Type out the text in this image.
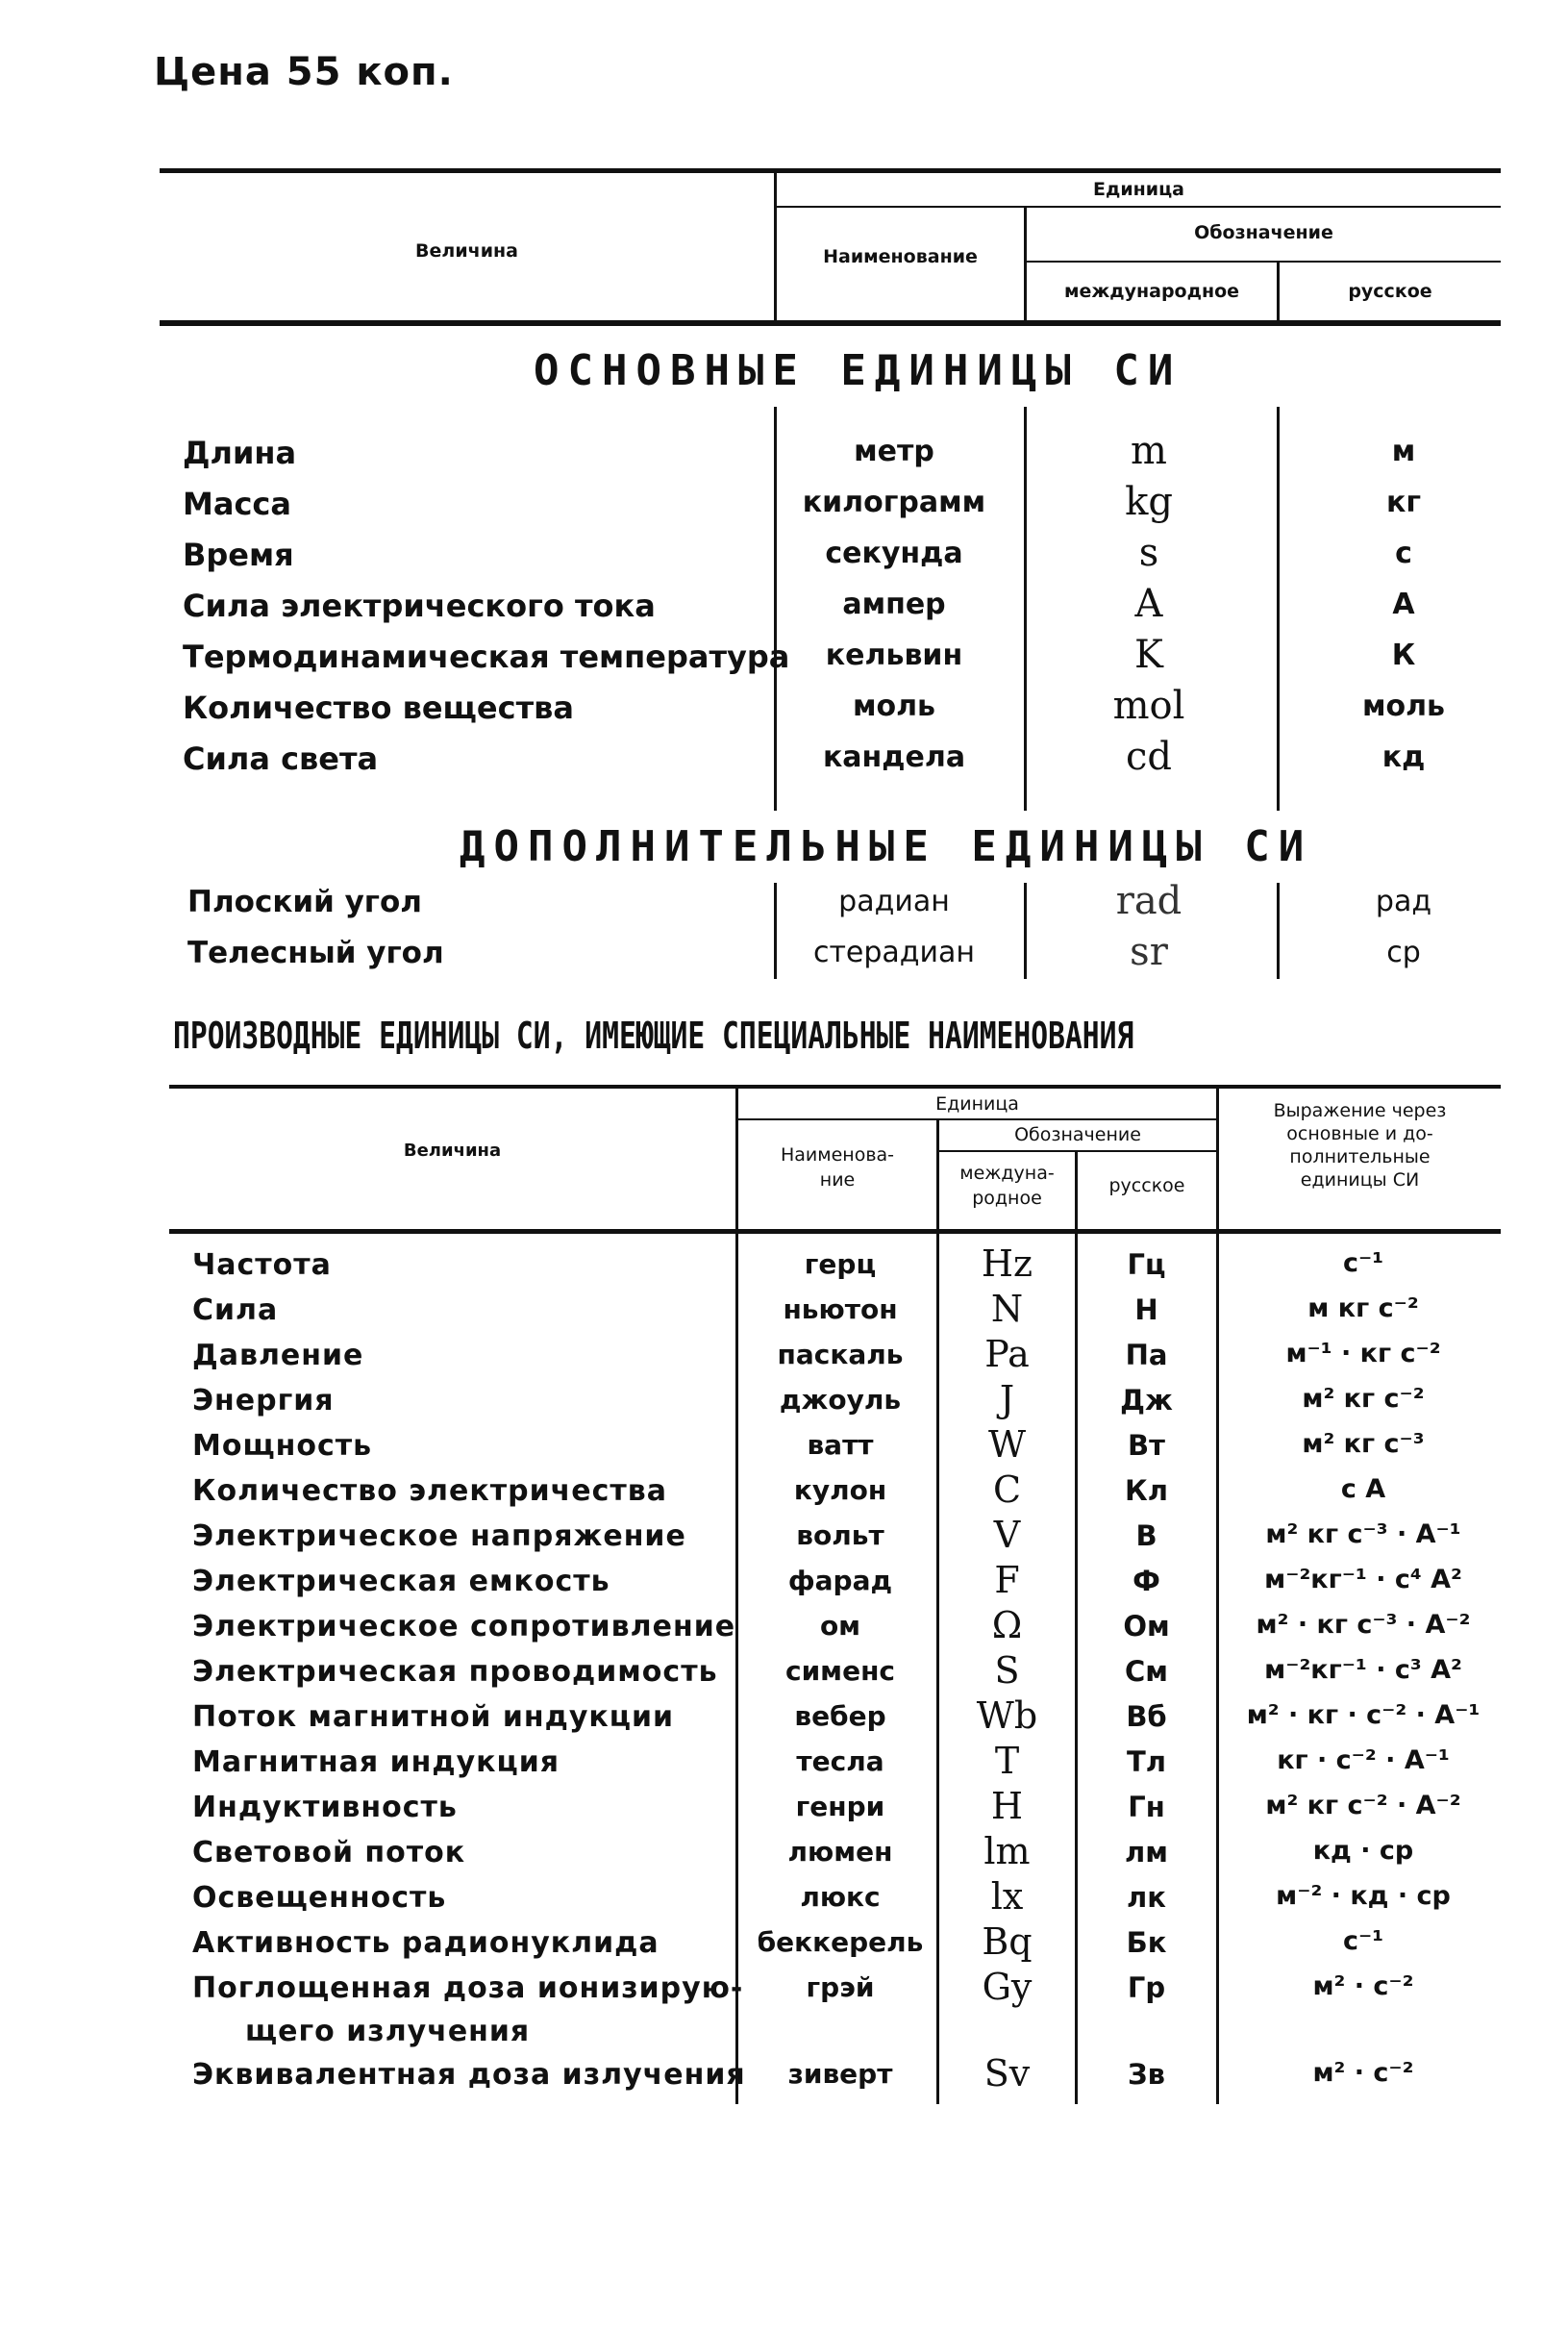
Цена 55 коп.
Величина
Единица
Наименование
Обозначение
международное	русское
ОСНОВНЫЕ ЕДИНИЦЫ СИ
Длина	метр	m	м
Масса	килограмм	kg	кг
Время	секунда	s	с
Сила электрического тока	ампер	A	А
Термодинамическая температура	кельвин	K	К
Количество вещества	моль	mol	моль
Сила света	кандела	cd	кд
ДОПОЛНИТЕЛЬНЫЕ ЕДИНИЦЫ СИ
Плоский угол	радиан	rad	рад
Телесный угол	стерадиан	sr	ср
ПРОИЗВОДНЫЕ ЕДИНИЦЫ СИ, ИМЕЮЩИЕ СПЕЦИАЛЬНЫЕ НАИМЕНОВАНИЯ
Величина
Единица
Наименова-
ние
Обозначение
междуна-
родное
русское
Выражение через
основные и до-
полнительные
единицы СИ
Частота	герц	Hz	Гц	с⁻¹
Сила	ньютон	N	Н	м кг с⁻²
Давление	паскаль	Pa	Па	м⁻¹ · кг с⁻²
Энергия	джоуль	J	Дж	м² кг с⁻²
Мощность	ватт	W	Вт	м² кг с⁻³
Количество электричества	кулон	C	Кл	с А
Электрическое напряжение	вольт	V	В	м² кг с⁻³ · А⁻¹
Электрическая емкость	фарад	F	Ф	м⁻²кг⁻¹ · с⁴ А²
Электрическое сопротивление	ом	Ω	Ом	м² · кг с⁻³ · А⁻²
Электрическая проводимость	сименс	S	См	м⁻²кг⁻¹ · с³ А²
Поток магнитной индукции	вебер	Wb	Вб	м² · кг · с⁻² · А⁻¹
Магнитная индукция	тесла	T	Тл	кг · с⁻² · А⁻¹
Индуктивность	генри	H	Гн	м² кг с⁻² · А⁻²
Световой поток	люмен	lm	лм	кд · ср
Освещенность	люкс	lx	лк	м⁻² · кд · ср
Активность радионуклида	беккерель	Bq	Бк	с⁻¹
Поглощенная доза ионизирую-
щего излучения
грэй	Gy	Гр	м² · с⁻²
Эквивалентная доза излучения	зиверт	Sv	Зв	м² · с⁻²
